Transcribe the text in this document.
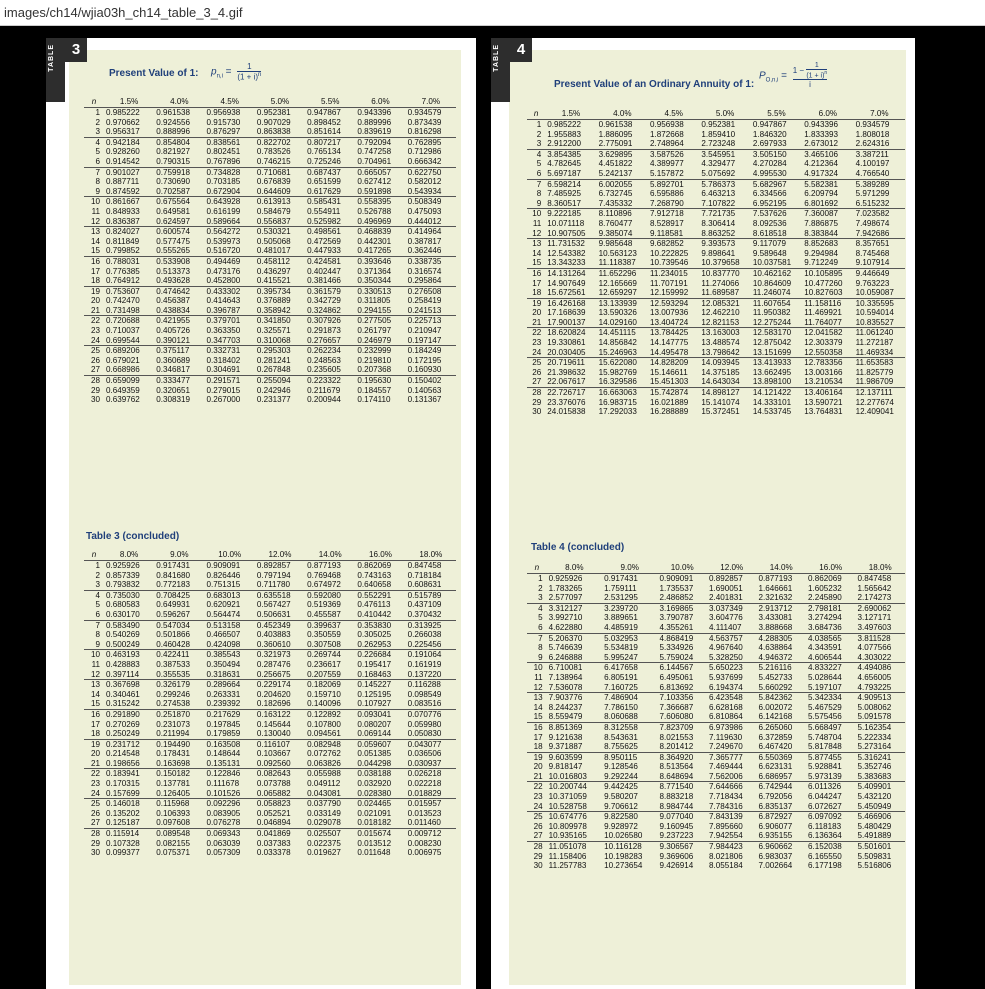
images/ch14/wjia03h_ch14_table_3_4.gif
TABLE	3
Present Value of 1: $p_{n,i} = \frac{1}{(1 + i)^n}$
n	1.5%	4.0%	4.5%	5.0%	5.5%	6.0%	7.0%
1	0.985222	0.961538	0.956938	0.952381	0.947867	0.943396	0.934579
2	0.970662	0.924556	0.915730	0.907029	0.898452	0.889996	0.873439
3	0.956317	0.888996	0.876297	0.863838	0.851614	0.839619	0.816298
4	0.942184	0.854804	0.838561	0.822702	0.807217	0.792094	0.762895
5	0.928260	0.821927	0.802451	0.783526	0.765134	0.747258	0.712986
6	0.914542	0.790315	0.767896	0.746215	0.725246	0.704961	0.666342
7	0.901027	0.759918	0.734828	0.710681	0.687437	0.665057	0.622750
8	0.887711	0.730690	0.703185	0.676839	0.651599	0.627412	0.582012
9	0.874592	0.702587	0.672904	0.644609	0.617629	0.591898	0.543934
10	0.861667	0.675564	0.643928	0.613913	0.585431	0.558395	0.508349
11	0.848933	0.649581	0.616199	0.584679	0.554911	0.526788	0.475093
12	0.836387	0.624597	0.589664	0.556837	0.525982	0.496969	0.444012
13	0.824027	0.600574	0.564272	0.530321	0.498561	0.468839	0.414964
14	0.811849	0.577475	0.539973	0.505068	0.472569	0.442301	0.387817
15	0.799852	0.555265	0.516720	0.481017	0.447933	0.417265	0.362446
16	0.788031	0.533908	0.494469	0.458112	0.424581	0.393646	0.338735
17	0.776385	0.513373	0.473176	0.436297	0.402447	0.371364	0.316574
18	0.764912	0.493628	0.452800	0.415521	0.381466	0.350344	0.295864
19	0.753607	0.474642	0.433302	0.395734	0.361579	0.330513	0.276508
20	0.742470	0.456387	0.414643	0.376889	0.342729	0.311805	0.258419
21	0.731498	0.438834	0.396787	0.358942	0.324862	0.294155	0.241513
22	0.720688	0.421955	0.379701	0.341850	0.307926	0.277505	0.225713
23	0.710037	0.405726	0.363350	0.325571	0.291873	0.261797	0.210947
24	0.699544	0.390121	0.347703	0.310068	0.276657	0.246979	0.197147
25	0.689206	0.375117	0.332731	0.295303	0.262234	0.232999	0.184249
26	0.679021	0.360689	0.318402	0.281241	0.248563	0.219810	0.172195
27	0.668986	0.346817	0.304691	0.267848	0.235605	0.207368	0.160930
28	0.659099	0.333477	0.291571	0.255094	0.223322	0.195630	0.150402
29	0.649359	0.320651	0.279015	0.242946	0.211679	0.184557	0.140563
30	0.639762	0.308319	0.267000	0.231377	0.200944	0.174110	0.131367
Table 3 (concluded)
n	8.0%	9.0%	10.0%	12.0%	14.0%	16.0%	18.0%
1	0.925926	0.917431	0.909091	0.892857	0.877193	0.862069	0.847458
2	0.857339	0.841680	0.826446	0.797194	0.769468	0.743163	0.718184
3	0.793832	0.772183	0.751315	0.711780	0.674972	0.640658	0.608631
4	0.735030	0.708425	0.683013	0.635518	0.592080	0.552291	0.515789
5	0.680583	0.649931	0.620921	0.567427	0.519369	0.476113	0.437109
6	0.630170	0.596267	0.564474	0.506631	0.455587	0.410442	0.370432
7	0.583490	0.547034	0.513158	0.452349	0.399637	0.353830	0.313925
8	0.540269	0.501866	0.466507	0.403883	0.350559	0.305025	0.266038
9	0.500249	0.460428	0.424098	0.360610	0.307508	0.262953	0.225456
10	0.463193	0.422411	0.385543	0.321973	0.269744	0.226684	0.191064
11	0.428883	0.387533	0.350494	0.287476	0.236617	0.195417	0.161919
12	0.397114	0.355535	0.318631	0.256675	0.207559	0.168463	0.137220
13	0.367698	0.326179	0.289664	0.229174	0.182069	0.145227	0.116288
14	0.340461	0.299246	0.263331	0.204620	0.159710	0.125195	0.098549
15	0.315242	0.274538	0.239392	0.182696	0.140096	0.107927	0.083516
16	0.291890	0.251870	0.217629	0.163122	0.122892	0.093041	0.070776
17	0.270269	0.231073	0.197845	0.145644	0.107800	0.080207	0.059980
18	0.250249	0.211994	0.179859	0.130040	0.094561	0.069144	0.050830
19	0.231712	0.194490	0.163508	0.116107	0.082948	0.059607	0.043077
20	0.214548	0.178431	0.148644	0.103667	0.072762	0.051385	0.036506
21	0.198656	0.163698	0.135131	0.092560	0.063826	0.044298	0.030937
22	0.183941	0.150182	0.122846	0.082643	0.055988	0.038188	0.026218
23	0.170315	0.137781	0.111678	0.073788	0.049112	0.032920	0.022218
24	0.157699	0.126405	0.101526	0.065882	0.043081	0.028380	0.018829
25	0.146018	0.115968	0.092296	0.058823	0.037790	0.024465	0.015957
26	0.135202	0.106393	0.083905	0.052521	0.033149	0.021091	0.013523
27	0.125187	0.097608	0.076278	0.046894	0.029078	0.018182	0.011460
28	0.115914	0.089548	0.069343	0.041869	0.025507	0.015674	0.009712
29	0.107328	0.082155	0.063039	0.037383	0.022375	0.013512	0.008230
30	0.099377	0.075371	0.057309	0.033378	0.019627	0.011648	0.006975
TABLE	4
Present Value of an Ordinary Annuity of 1:
$P_{O,n,i} = \frac{1 - \frac{1}{(1 + i)^n}}{i}$
n	1.5%	4.0%	4.5%	5.0%	5.5%	6.0%	7.0%
1	0.985222	0.961538	0.956938	0.952381	0.947867	0.943396	0.934579
2	1.955883	1.886095	1.872668	1.859410	1.846320	1.833393	1.808018
3	2.912200	2.775091	2.748964	2.723248	2.697933	2.673012	2.624316
4	3.854385	3.629895	3.587526	3.545951	3.505150	3.465106	3.387211
5	4.782645	4.451822	4.389977	4.329477	4.270284	4.212364	4.100197
6	5.697187	5.242137	5.157872	5.075692	4.995530	4.917324	4.766540
7	6.598214	6.002055	5.892701	5.786373	5.682967	5.582381	5.389289
8	7.485925	6.732745	6.595886	6.463213	6.334566	6.209794	5.971299
9	8.360517	7.435332	7.268790	7.107822	6.952195	6.801692	6.515232
10	9.222185	8.110896	7.912718	7.721735	7.537626	7.360087	7.023582
11	10.071118	8.760477	8.528917	8.306414	8.092536	7.886875	7.498674
12	10.907505	9.385074	9.118581	8.863252	8.618518	8.383844	7.942686
13	11.731532	9.985648	9.682852	9.393573	9.117079	8.852683	8.357651
14	12.543382	10.563123	10.222825	9.898641	9.589648	9.294984	8.745468
15	13.343233	11.118387	10.739546	10.379658	10.037581	9.712249	9.107914
16	14.131264	11.652296	11.234015	10.837770	10.462162	10.105895	9.446649
17	14.907649	12.165669	11.707191	11.274066	10.864609	10.477260	9.763223
18	15.672561	12.659297	12.159992	11.689587	11.246074	10.827603	10.059087
19	16.426168	13.133939	12.593294	12.085321	11.607654	11.158116	10.335595
20	17.168639	13.590326	13.007936	12.462210	11.950382	11.469921	10.594014
21	17.900137	14.029160	13.404724	12.821153	12.275244	11.764077	10.835527
22	18.620824	14.451115	13.784425	13.163003	12.583170	12.041582	11.061240
23	19.330861	14.856842	14.147775	13.488574	12.875042	12.303379	11.272187
24	20.030405	15.246963	14.495478	13.798642	13.151699	12.550358	11.469334
25	20.719611	15.622080	14.828209	14.093945	13.413933	12.783356	11.653583
26	21.398632	15.982769	15.146611	14.375185	13.662495	13.003166	11.825779
27	22.067617	16.329586	15.451303	14.643034	13.898100	13.210534	11.986709
28	22.726717	16.663063	15.742874	14.898127	14.121422	13.406164	12.137111
29	23.376076	16.983715	16.021889	15.141074	14.333101	13.590721	12.277674
30	24.015838	17.292033	16.288889	15.372451	14.533745	13.764831	12.409041
Table 4 (concluded)
n	8.0%	9.0%	10.0%	12.0%	14.0%	16.0%	18.0%
1	0.925926	0.917431	0.909091	0.892857	0.877193	0.862069	0.847458
2	1.783265	1.759111	1.735537	1.690051	1.646661	1.605232	1.565642
3	2.577097	2.531295	2.486852	2.401831	2.321632	2.245890	2.174273
4	3.312127	3.239720	3.169865	3.037349	2.913712	2.798181	2.690062
5	3.992710	3.889651	3.790787	3.604776	3.433081	3.274294	3.127171
6	4.622880	4.485919	4.355261	4.111407	3.888668	3.684736	3.497603
7	5.206370	5.032953	4.868419	4.563757	4.288305	4.038565	3.811528
8	5.746639	5.534819	5.334926	4.967640	4.638864	4.343591	4.077566
9	6.246888	5.995247	5.759024	5.328250	4.946372	4.606544	4.303022
10	6.710081	6.417658	6.144567	5.650223	5.216116	4.833227	4.494086
11	7.138964	6.805191	6.495061	5.937699	5.452733	5.028644	4.656005
12	7.536078	7.160725	6.813692	6.194374	5.660292	5.197107	4.793225
13	7.903776	7.486904	7.103356	6.423548	5.842362	5.342334	4.909513
14	8.244237	7.786150	7.366687	6.628168	6.002072	5.467529	5.008062
15	8.559479	8.060688	7.606080	6.810864	6.142168	5.575456	5.091578
16	8.851369	8.312558	7.823709	6.973986	6.265060	5.668497	5.162354
17	9.121638	8.543631	8.021553	7.119630	6.372859	5.748704	5.222334
18	9.371887	8.755625	8.201412	7.249670	6.467420	5.817848	5.273164
19	9.603599	8.950115	8.364920	7.365777	6.550369	5.877455	5.316241
20	9.818147	9.128546	8.513564	7.469444	6.623131	5.928841	5.352746
21	10.016803	9.292244	8.648694	7.562006	6.686957	5.973139	5.383683
22	10.200744	9.442425	8.771540	7.644666	6.742944	6.011326	5.409901
23	10.371059	9.580207	8.883218	7.718434	6.792056	6.044247	5.432120
24	10.528758	9.706612	8.984744	7.784316	6.835137	6.072627	5.450949
25	10.674776	9.822580	9.077040	7.843139	6.872927	6.097092	5.466906
26	10.809978	9.928972	9.160945	7.895660	6.906077	6.118183	5.480429
27	10.935165	10.026580	9.237223	7.942554	6.935155	6.136364	5.491889
28	11.051078	10.116128	9.306567	7.984423	6.960662	6.152038	5.501601
29	11.158406	10.198283	9.369606	8.021806	6.983037	6.165550	5.509831
30	11.257783	10.273654	9.426914	8.055184	7.002664	6.177198	5.516806
